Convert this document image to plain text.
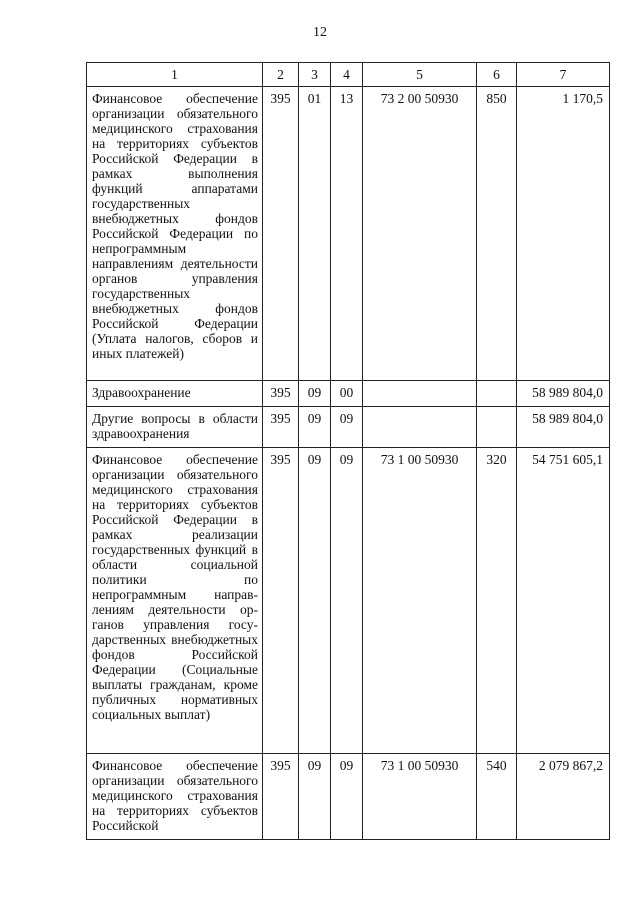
12
1	2	3	4	5	6	7
Финансовое обеспечение организации обязательного медицинского страхования на территориях субъектов Российской Федерации в рамках выполнения функций аппаратами государственных внебюджетных фондов Российской Федерации по непрограммным направлениям деятельности органов управления государственных внебюджетных фондов Российской Федерации (Уплата налогов, сборов и иных платежей)	395	01	13	73 2 00 50930	850	1 170,5
Здравоохранение	395	09	00			58 989 804,0
Другие вопросы в области здравоохранения	395	09	09			58 989 804,0
Финансовое обеспечение организации обязательного медицинского страхования на территориях субъектов Российской Федерации в рамках реализации государственных функций в области социальной политики по непрограммным направлениям деятельности органов управления государственных внебюджетных фондов Российской Федерации (Социальные выплаты гражданам, кроме публичных нормативных социальных выплат)	395	09	09	73 1 00 50930	320	54 751 605,1
Финансовое обеспечение организации обязательного медицинского страхования на территориях субъектов Российской	395	09	09	73 1 00 50930	540	2 079 867,2
